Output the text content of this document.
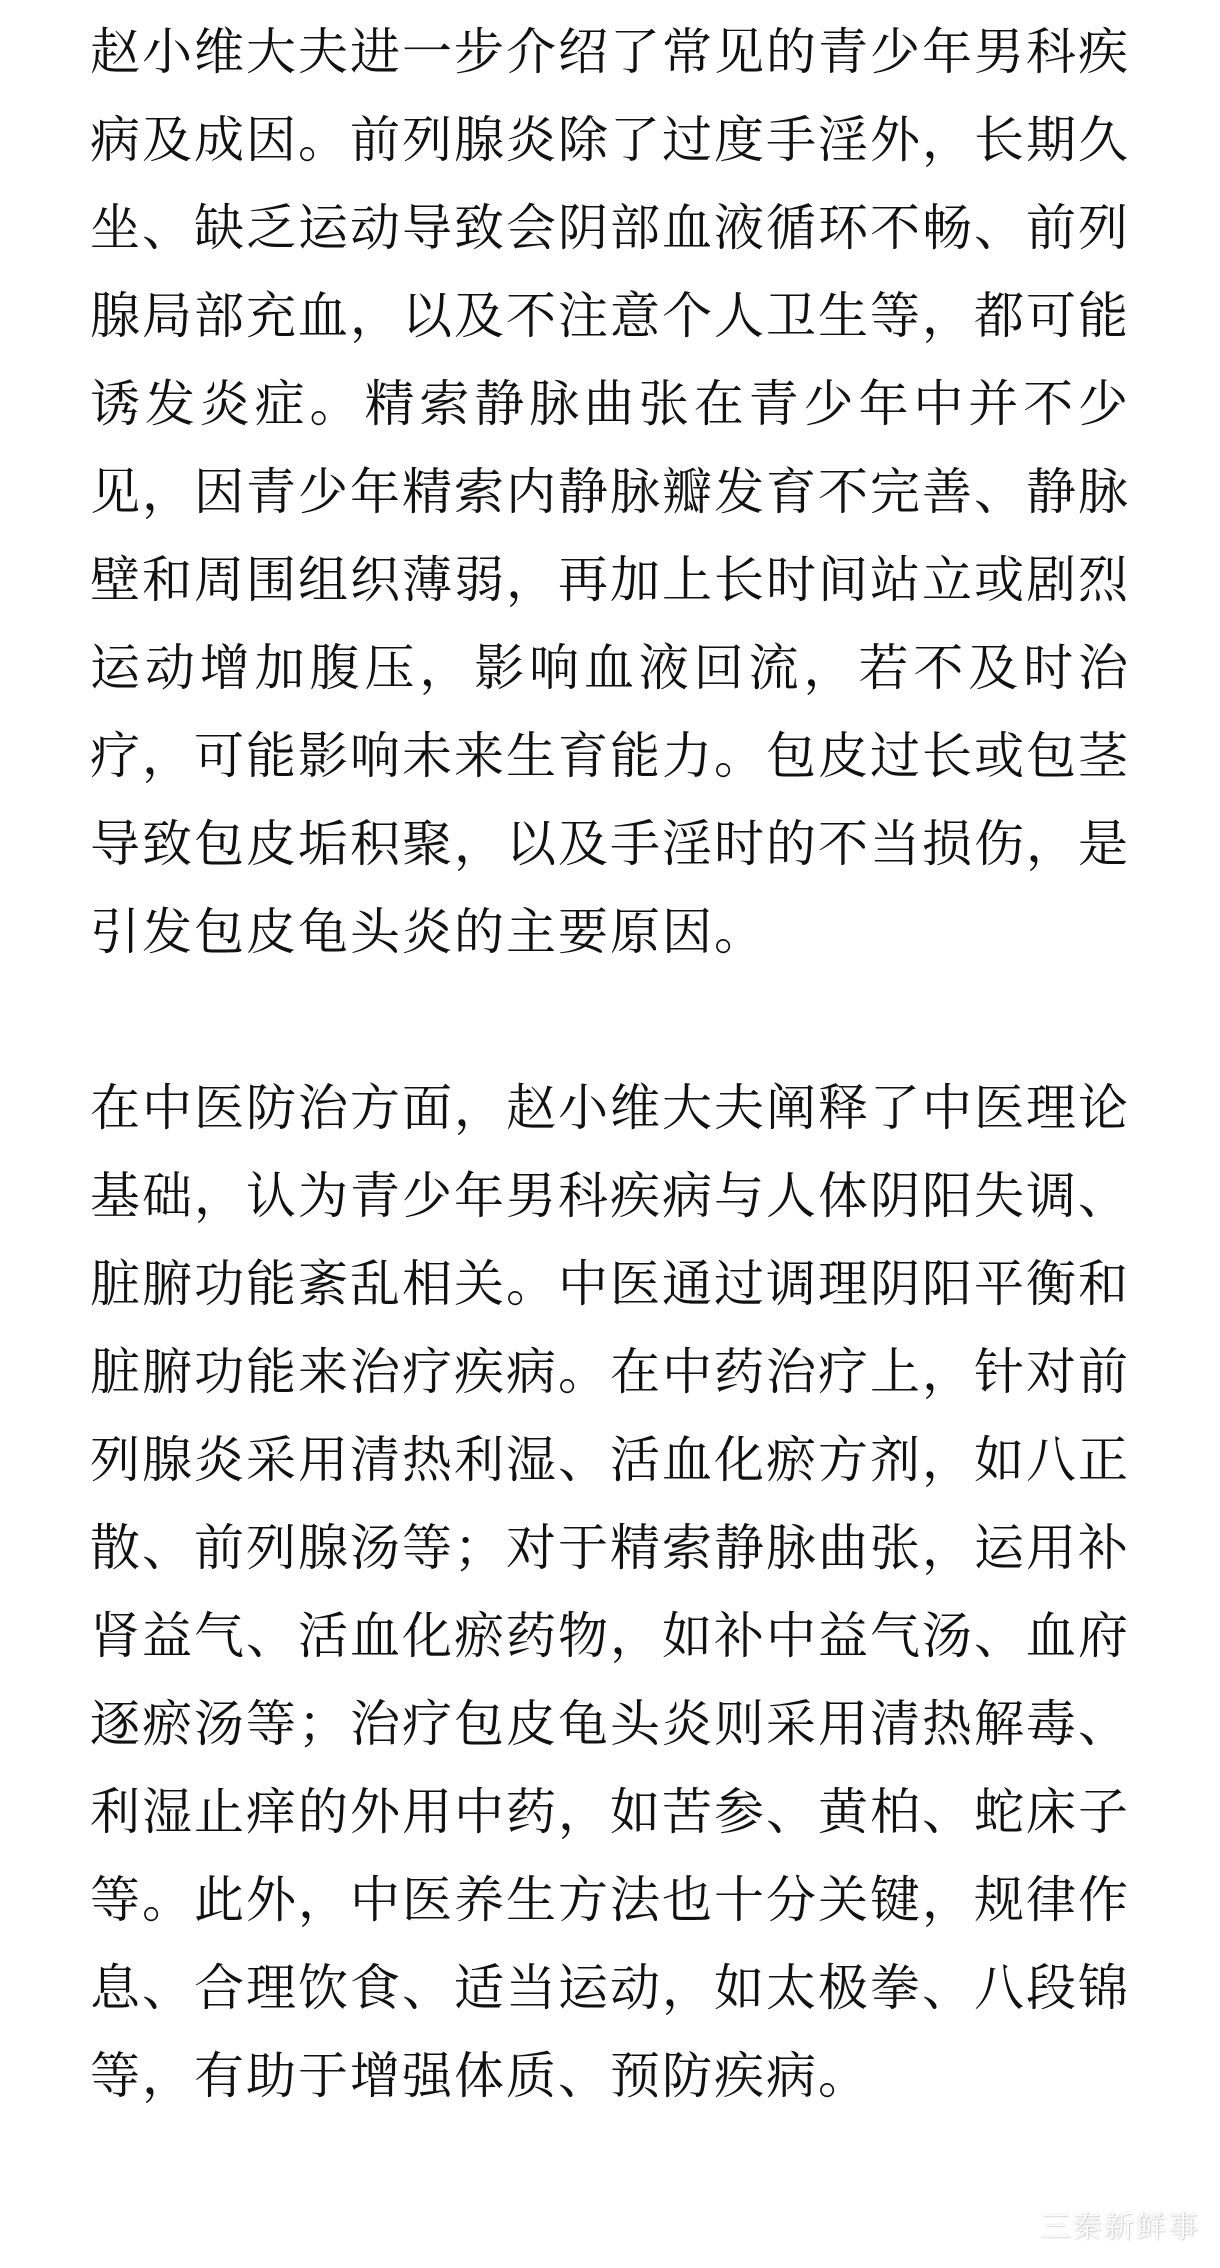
赵小维大夫进一步介绍了常见的青少年男科疾病及成因。前列腺炎除了过度手淫外，长期久坐、缺乏运动导致会阴部血液循环不畅、前列腺局部充血，以及不注意个人卫生等，都可能诱发炎症。精索静脉曲张在青少年中并不少见，因青少年精索内静脉瓣发育不完善、静脉壁和周围组织薄弱，再加上长时间站立或剧烈运动增加腹压，影响血液回流，若不及时治疗，可能影响未来生育能力。包皮过长或包茎导致包皮垢积聚，以及手淫时的不当损伤，是引发包皮龟头炎的主要原因。

在中医防治方面，赵小维大夫阐释了中医理论基础，认为青少年男科疾病与人体阴阳失调、脏腑功能紊乱相关。中医通过调理阴阳平衡和脏腑功能来治疗疾病。在中药治疗上，针对前列腺炎采用清热利湿、活血化瘀方剂，如八正散、前列腺汤等；对于精索静脉曲张，运用补肾益气、活血化瘀药物，如补中益气汤、血府逐瘀汤等；治疗包皮龟头炎则采用清热解毒、利湿止痒的外用中药，如苦参、黄柏、蛇床子等。此外，中医养生方法也十分关键，规律作息、合理饮食、适当运动，如太极拳、八段锦等，有助于增强体质、预防疾病。

三秦新鲜事
